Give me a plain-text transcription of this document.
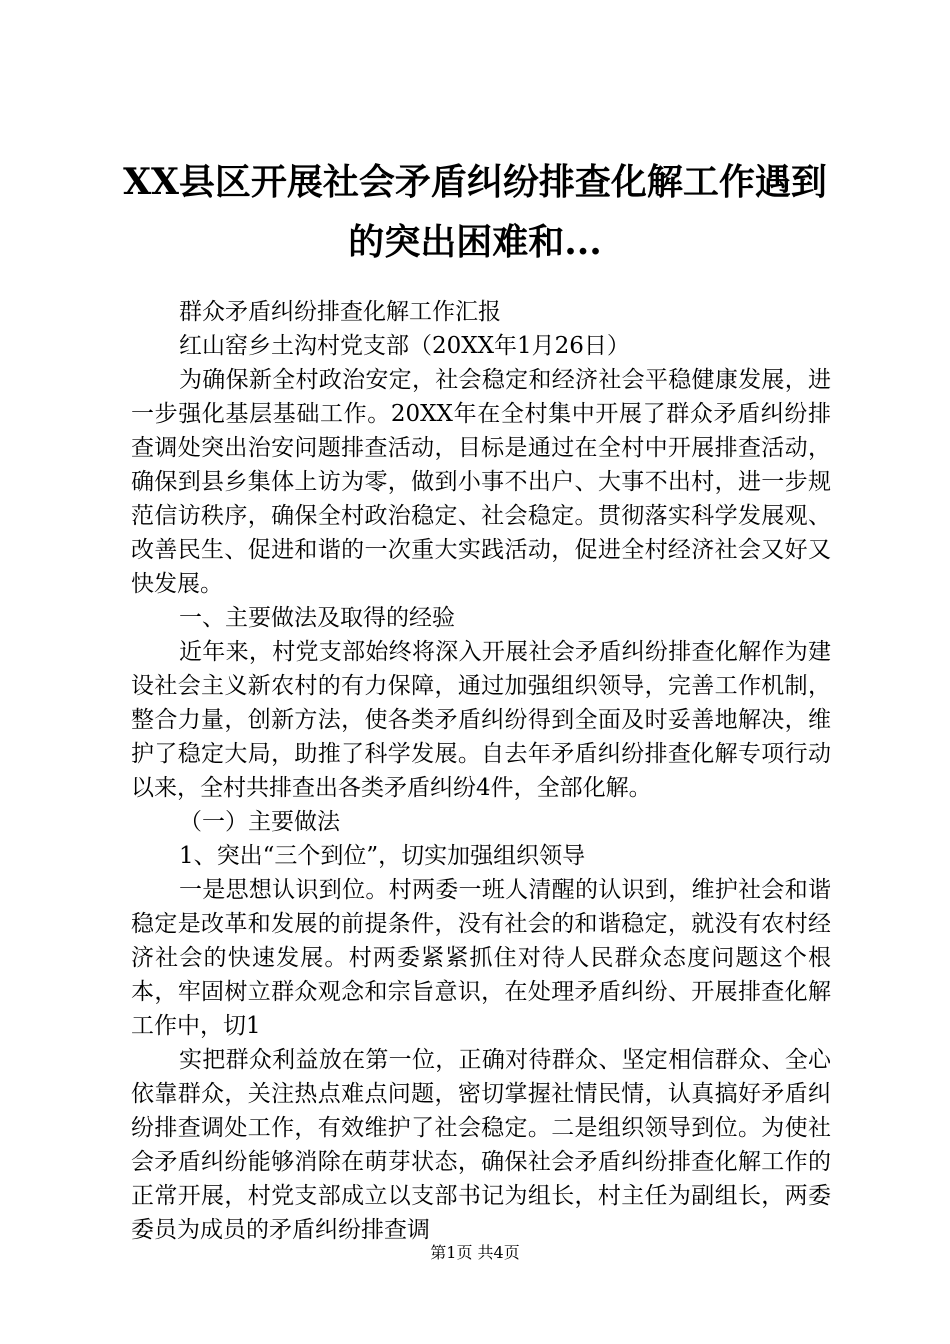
XX县区开展社会矛盾纠纷排查化解工作遇到
的突出困难和...

群众矛盾纠纷排查化解工作汇报

红山窑乡土沟村党支部（20XX年1月26日）

为确保新全村政治安定，社会稳定和经济社会平稳健康发展，进一步强化基层基础工作。20XX年在全村集中开展了群众矛盾纠纷排查调处突出治安问题排查活动，目标是通过在全村中开展排查活动，确保到县乡集体上访为零，做到小事不出户、大事不出村，进一步规范信访秩序，确保全村政治稳定、社会稳定。贯彻落实科学发展观、改善民生、促进和谐的一次重大实践活动，促进全村经济社会又好又快发展。

一、主要做法及取得的经验

近年来，村党支部始终将深入开展社会矛盾纠纷排查化解作为建设社会主义新农村的有力保障，通过加强组织领导，完善工作机制，整合力量，创新方法，使各类矛盾纠纷得到全面及时妥善地解决，维护了稳定大局，助推了科学发展。自去年矛盾纠纷排查化解专项行动以来，全村共排查出各类矛盾纠纷4件，全部化解。

（一）主要做法

1、突出“三个到位”，切实加强组织领导

一是思想认识到位。村两委一班人清醒的认识到，维护社会和谐稳定是改革和发展的前提条件，没有社会的和谐稳定，就没有农村经济社会的快速发展。村两委紧紧抓住对待人民群众态度问题这个根本，牢固树立群众观念和宗旨意识，在处理矛盾纠纷、开展排查化解工作中，切1

实把群众利益放在第一位，正确对待群众、坚定相信群众、全心依靠群众，关注热点难点问题，密切掌握社情民情，认真搞好矛盾纠纷排查调处工作，有效维护了社会稳定。二是组织领导到位。为使社会矛盾纠纷能够消除在萌芽状态，确保社会矛盾纠纷排查化解工作的正常开展，村党支部成立以支部书记为组长，村主任为副组长，两委委员为成员的矛盾纠纷排查调

第1页 共4页
